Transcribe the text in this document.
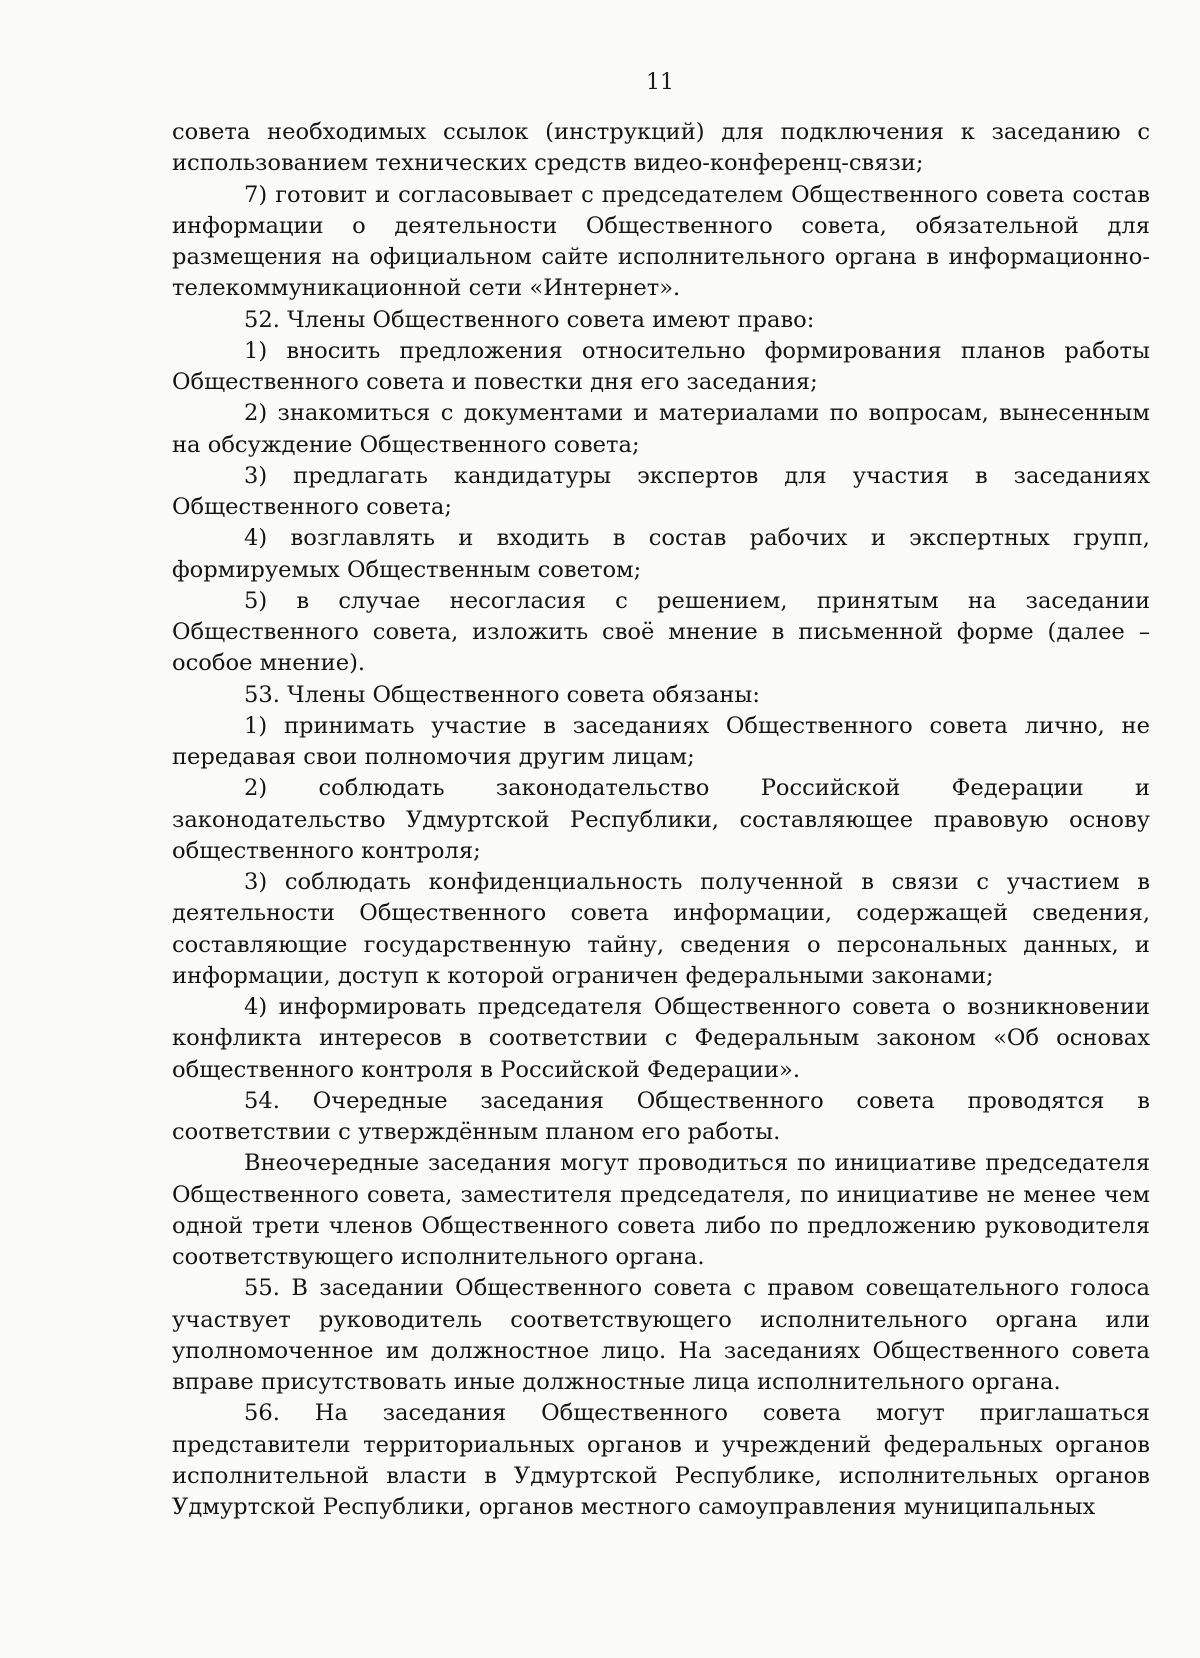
11

совета необходимых ссылок (инструкций) для подключения к заседанию с использованием технических средств видео-конференц-связи;

7) готовит и согласовывает с председателем Общественного совета состав информации о деятельности Общественного совета, обязательной для размещения на официальном сайте исполнительного органа в информационно-телекоммуникационной сети «Интернет».

52. Члены Общественного совета имеют право:

1) вносить предложения относительно формирования планов работы Общественного совета и повестки дня его заседания;

2) знакомиться с документами и материалами по вопросам, вынесенным на обсуждение Общественного совета;

3) предлагать кандидатуры экспертов для участия в заседаниях Общественного совета;

4) возглавлять и входить в состав рабочих и экспертных групп, формируемых Общественным советом;

5) в случае несогласия с решением, принятым на заседании Общественного совета, изложить своё мнение в письменной форме (далее – особое мнение).

53. Члены Общественного совета обязаны:

1) принимать участие в заседаниях Общественного совета лично, не передавая свои полномочия другим лицам;

2) соблюдать законодательство Российской Федерации и законодательство Удмуртской Республики, составляющее правовую основу общественного контроля;

3) соблюдать конфиденциальность полученной в связи с участием в деятельности Общественного совета информации, содержащей сведения, составляющие государственную тайну, сведения о персональных данных, и информации, доступ к которой ограничен федеральными законами;

4) информировать председателя Общественного совета о возникновении конфликта интересов в соответствии с Федеральным законом «Об основах общественного контроля в Российской Федерации».

54. Очередные заседания Общественного совета проводятся в соответствии с утверждённым планом его работы.

Внеочередные заседания могут проводиться по инициативе председателя Общественного совета, заместителя председателя, по инициативе не менее чем одной трети членов Общественного совета либо по предложению руководителя соответствующего исполнительного органа.

55. В заседании Общественного совета с правом совещательного голоса участвует руководитель соответствующего исполнительного органа или уполномоченное им должностное лицо. На заседаниях Общественного совета вправе присутствовать иные должностные лица исполнительного органа.

56. На заседания Общественного совета могут приглашаться представители территориальных органов и учреждений федеральных органов исполнительной власти в Удмуртской Республике, исполнительных органов Удмуртской Республики, органов местного самоуправления муниципальных
